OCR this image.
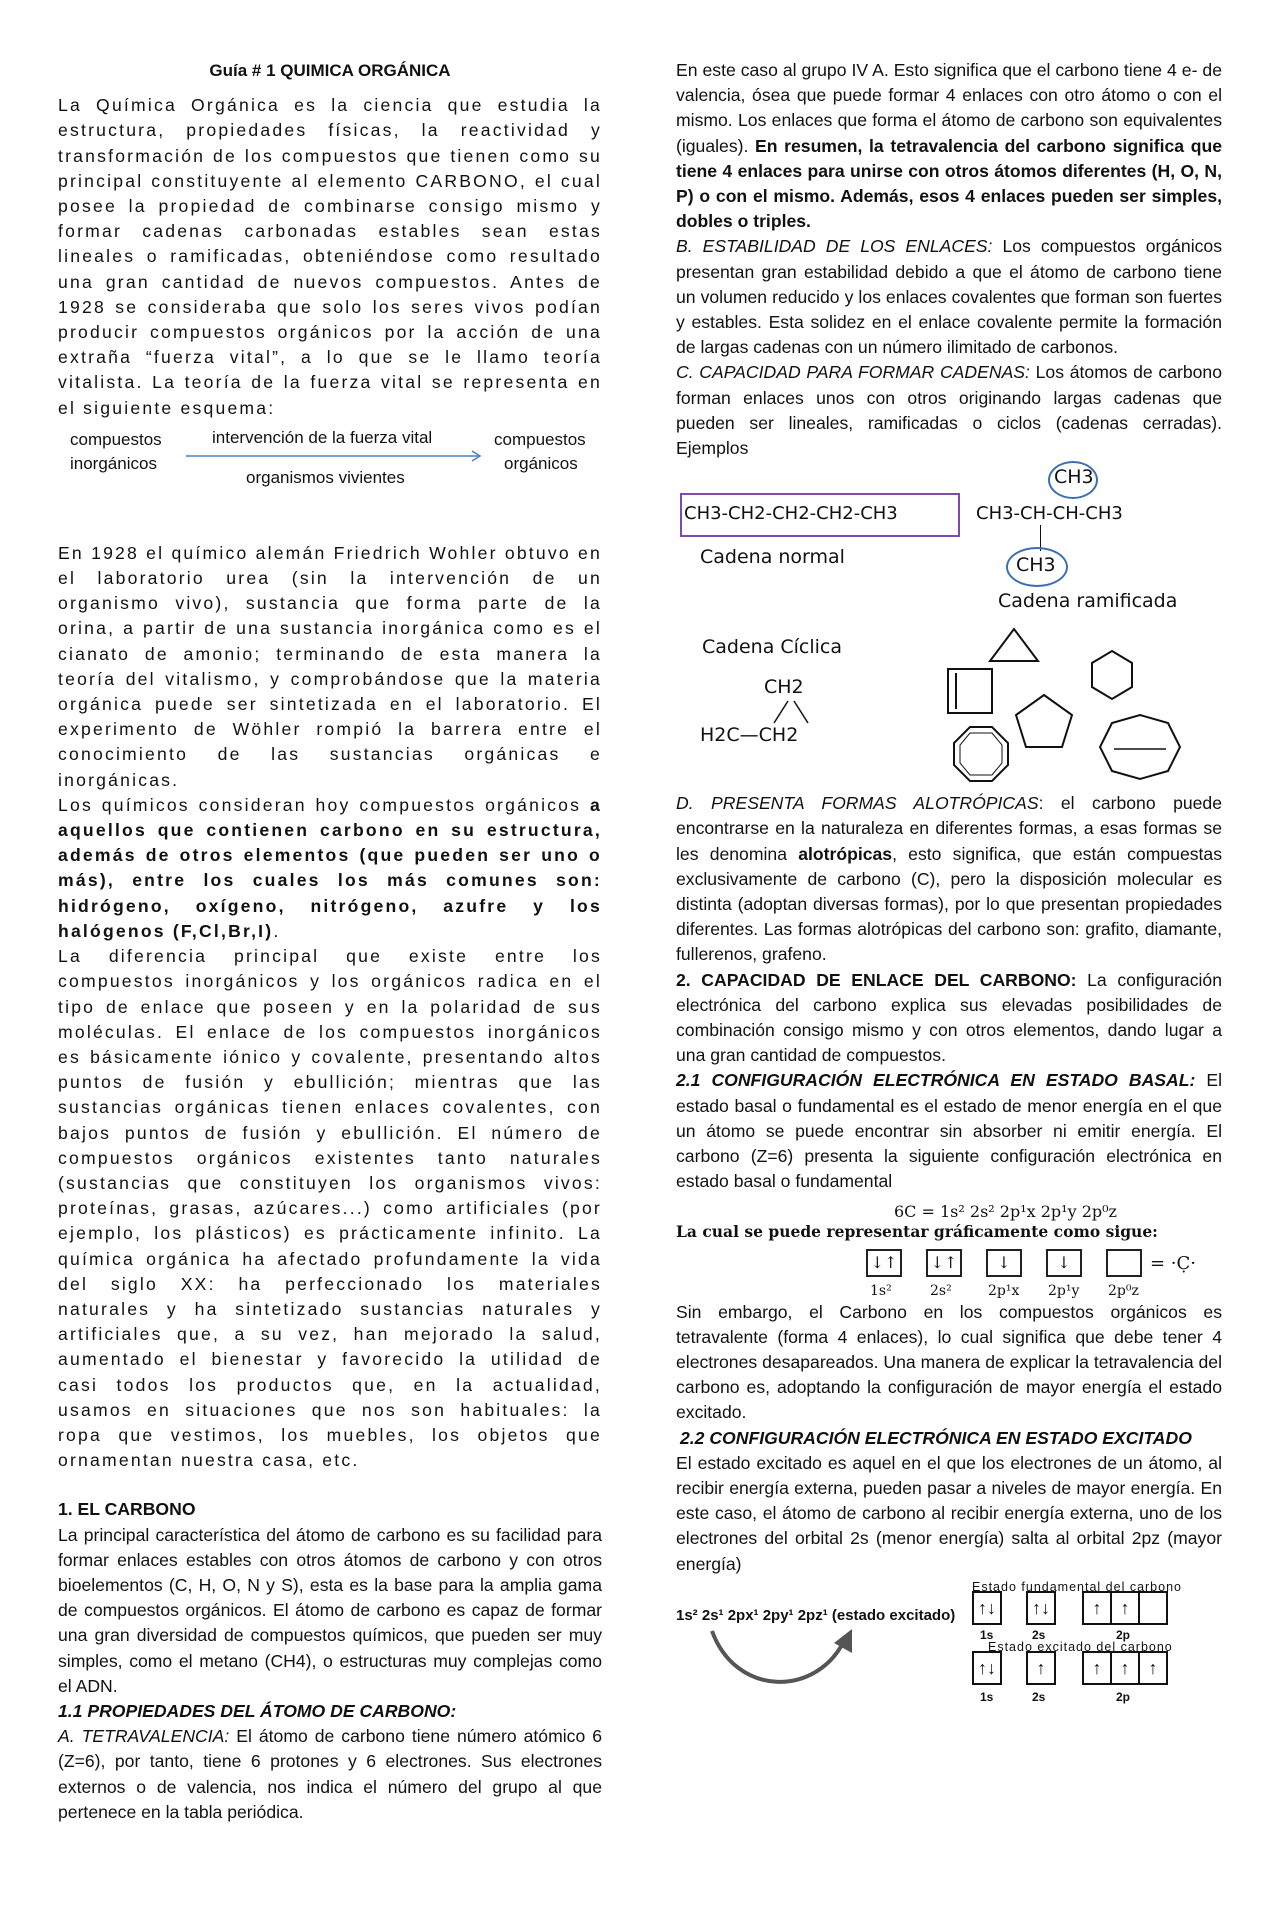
Guía # 1 QUIMICA ORGÁNICA

La Química Orgánica es la ciencia que estudia la estructura, propiedades físicas, la reactividad y transformación de los compuestos que tienen como su principal constituyente al elemento CARBONO, el cual posee la propiedad de combinarse consigo mismo y formar cadenas carbonadas estables sean estas lineales o ramificadas, obteniéndose como resultado una gran cantidad de nuevos compuestos. Antes de 1928 se consideraba que solo los seres vivos podían producir compuestos orgánicos por la acción de una extraña “fuerza vital”, a lo que se le llamo teoría vitalista. La teoría de la fuerza vital se representa en el siguiente esquema:

compuestos
inorgánicos
intervención de la fuerza vital
organismos vivientes
compuestos
orgánicos

En 1928 el químico alemán Friedrich Wohler obtuvo en el laboratorio urea (sin la intervención de un organismo vivo), sustancia que forma parte de la orina, a partir de una sustancia inorgánica como es el cianato de amonio; terminando de esta manera la teoría del vitalismo, y comprobándose que la materia orgánica puede ser sintetizada en el laboratorio. El experimento de Wöhler rompió la barrera entre el conocimiento de las sustancias orgánicas e inorgánicas.

Los químicos consideran hoy compuestos orgánicos a aquellos que contienen carbono en su estructura, además de otros elementos (que pueden ser uno o más), entre los cuales los más comunes son: hidrógeno, oxígeno, nitrógeno, azufre y los halógenos (F,Cl,Br,I).

La diferencia principal que existe entre los compuestos inorgánicos y los orgánicos radica en el tipo de enlace que poseen y en la polaridad de sus moléculas. El enlace de los compuestos inorgánicos es básicamente iónico y covalente, presentando altos puntos de fusión y ebullición; mientras que las sustancias orgánicas tienen enlaces covalentes, con bajos puntos de fusión y ebullición. El número de compuestos orgánicos existentes tanto naturales (sustancias que constituyen los organismos vivos: proteínas, grasas, azúcares...) como artificiales (por ejemplo, los plásticos) es prácticamente infinito. La química orgánica ha afectado profundamente la vida del siglo XX: ha perfeccionado los materiales naturales y ha sintetizado sustancias naturales y artificiales que, a su vez, han mejorado la salud, aumentado el bienestar y favorecido la utilidad de casi todos los productos que, en la actualidad, usamos en situaciones que nos son habituales: la ropa que vestimos, los muebles, los objetos que ornamentan nuestra casa, etc.

1. EL CARBONO

La principal característica del átomo de carbono es su facilidad para formar enlaces estables con otros átomos de carbono y con otros bioelementos (C, H, O, N y S), esta es la base para la amplia gama de compuestos orgánicos. El átomo de carbono es capaz de formar una gran diversidad de compuestos químicos, que pueden ser muy simples, como el metano (CH4), o estructuras muy complejas como el ADN.

1.1 PROPIEDADES DEL ÁTOMO DE CARBONO:

A. TETRAVALENCIA: El átomo de carbono tiene número atómico 6 (Z=6), por tanto, tiene 6 protones y 6 electrones. Sus electrones externos o de valencia, nos indica el número del grupo al que pertenece en la tabla periódica.

En este caso al grupo IV A. Esto significa que el carbono tiene 4 e- de valencia, ósea que puede formar 4 enlaces con otro átomo o con el mismo. Los enlaces que forma el átomo de carbono son equivalentes (iguales). En resumen, la tetravalencia del carbono significa que tiene 4 enlaces para unirse con otros átomos diferentes (H, O, N, P) o con el mismo. Además, esos 4 enlaces pueden ser simples, dobles o triples.

B. ESTABILIDAD DE LOS ENLACES: Los compuestos orgánicos presentan gran estabilidad debido a que el átomo de carbono tiene un volumen reducido y los enlaces covalentes que forman son fuertes y estables. Esta solidez en el enlace covalente permite la formación de largas cadenas con un número ilimitado de carbonos.

C. CAPACIDAD PARA FORMAR CADENAS: Los átomos de carbono forman enlaces unos con otros originando largas cadenas que pueden ser lineales, ramificadas o ciclos (cadenas cerradas). Ejemplos

CH3-CH2-CH2-CH2-CH3
Cadena normal
CH3
CH3-CH-CH-CH3
CH3
Cadena ramificada
Cadena Cíclica
CH2
H2C—CH2

D. PRESENTA FORMAS ALOTRÓPICAS: el carbono puede encontrarse en la naturaleza en diferentes formas, a esas formas se les denomina alotrópicas, esto significa, que están compuestas exclusivamente de carbono (C), pero la disposición molecular es distinta (adoptan diversas formas), por lo que presentan propiedades diferentes. Las formas alotrópicas del carbono son: grafito, diamante, fullerenos, grafeno.

2. CAPACIDAD DE ENLACE DEL CARBONO: La configuración electrónica del carbono explica sus elevadas posibilidades de combinación consigo mismo y con otros elementos, dando lugar a una gran cantidad de compuestos.

2.1 CONFIGURACIÓN ELECTRÓNICA EN ESTADO BASAL: El estado basal o fundamental es el estado de menor energía en el que un átomo se puede encontrar sin absorber ni emitir energía. El carbono (Z=6) presenta la siguiente configuración electrónica en estado basal o fundamental

6C = 1s² 2s² 2p¹x 2p¹y 2p⁰z
La cual se puede representar gráficamente como sigue:
↓↑ ↓↑	↓	↓	= ·C̣·
1s²	2s²	2p¹x 2p¹y 2p⁰z

Sin embargo, el Carbono en los compuestos orgánicos es tetravalente (forma 4 enlaces), lo cual significa que debe tener 4 electrones desapareados. Una manera de explicar la tetravalencia del carbono es, adoptando la configuración de mayor energía el estado excitado.

2.2 CONFIGURACIÓN ELECTRÓNICA EN ESTADO EXCITADO

El estado excitado es aquel en el que los electrones de un átomo, al recibir energía externa, pueden pasar a niveles de mayor energía. En este caso, el átomo de carbono al recibir energía externa, uno de los electrones del orbital 2s (menor energía) salta al orbital 2pz (mayor energía)

Estado fundamental del carbono
↑↓	↑↓	↑	↑
1s	2s	2p
Estado excitado del carbono
↑↓	↑	↑	↑	↑
1s	2s	2p
1s² 2s¹ 2px¹ 2py¹ 2pz¹ (estado excitado)
